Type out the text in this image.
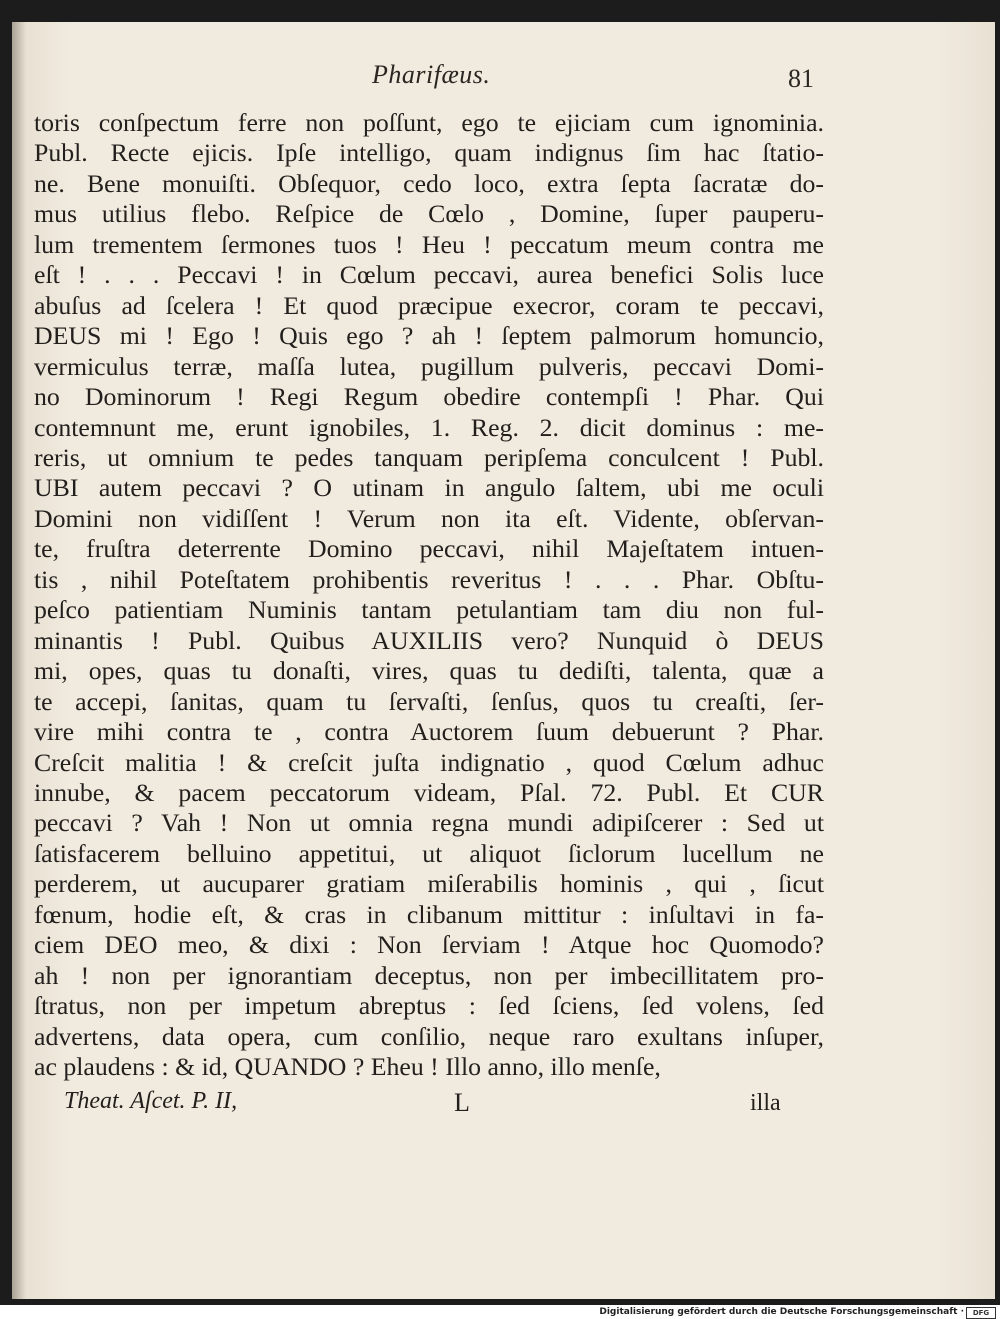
Pharifæus.	81
toris conſpectum ferre non poſſunt, ego te ejiciam cum ignominia.
Publ. Recte ejicis. Ipſe intelligo, quam indignus ſim hac ſtatio-
ne. Bene monuiſti. Obſequor, cedo loco, extra ſepta ſacratæ do-
mus utilius flebo. Reſpice de Cœlo , Domine, ſuper pauperu-
lum trementem ſermones tuos ! Heu ! peccatum meum contra me
eſt ! . . . Peccavi ! in Cœlum peccavi, aurea benefici Solis luce
abuſus ad ſcelera ! Et quod præcipue execror, coram te peccavi,
DEUS mi ! Ego ! Quis ego ? ah ! ſeptem palmorum homuncio,
vermiculus terræ, maſſa lutea, pugillum pulveris, peccavi Domi-
no Dominorum ! Regi Regum obedire contempſi ! Phar. Qui
contemnunt me, erunt ignobiles, 1. Reg. 2. dicit dominus : me-
reris, ut omnium te pedes tanquam peripſema conculcent ! Publ.
UBI autem peccavi ? O utinam in angulo ſaltem, ubi me oculi
Domini non vidiſſent ! Verum non ita eſt. Vidente, obſervan-
te, fruſtra deterrente Domino peccavi, nihil Majeſtatem intuen-
tis , nihil Poteſtatem prohibentis reveritus ! . . . Phar. Obſtu-
peſco patientiam Numinis tantam petulantiam tam diu non ful-
minantis ! Publ. Quibus AUXILIIS vero? Nunquid ò DEUS
mi, opes, quas tu donaſti, vires, quas tu dediſti, talenta, quæ a
te accepi, ſanitas, quam tu ſervaſti, ſenſus, quos tu creaſti, ſer-
vire mihi contra te , contra Auctorem ſuum debuerunt ? Phar.
Creſcit malitia ! & creſcit juſta indignatio , quod Cœlum adhuc
innube, & pacem peccatorum videam, Pſal. 72. Publ. Et CUR
peccavi ? Vah ! Non ut omnia regna mundi adipiſcerer : Sed ut
ſatisfacerem belluino appetitui, ut aliquot ſiclorum lucellum ne
perderem, ut aucuparer gratiam miſerabilis hominis , qui , ſicut
fœnum, hodie eſt, & cras in clibanum mittitur : inſultavi in fa-
ciem DEO meo, & dixi : Non ſerviam ! Atque hoc Quomodo?
ah ! non per ignorantiam deceptus, non per imbecillitatem pro-
ſtratus, non per impetum abreptus : ſed ſciens, ſed volens, ſed
advertens, data opera, cum conſilio, neque raro exultans inſuper,
ac plaudens : & id, QUANDO ? Eheu ! Illo anno, illo menſe,
Theat. Aſcet. P. II,	L	illa
Digitalisierung gefördert durch die Deutsche Forschungsgemeinschaft ·	DFG
